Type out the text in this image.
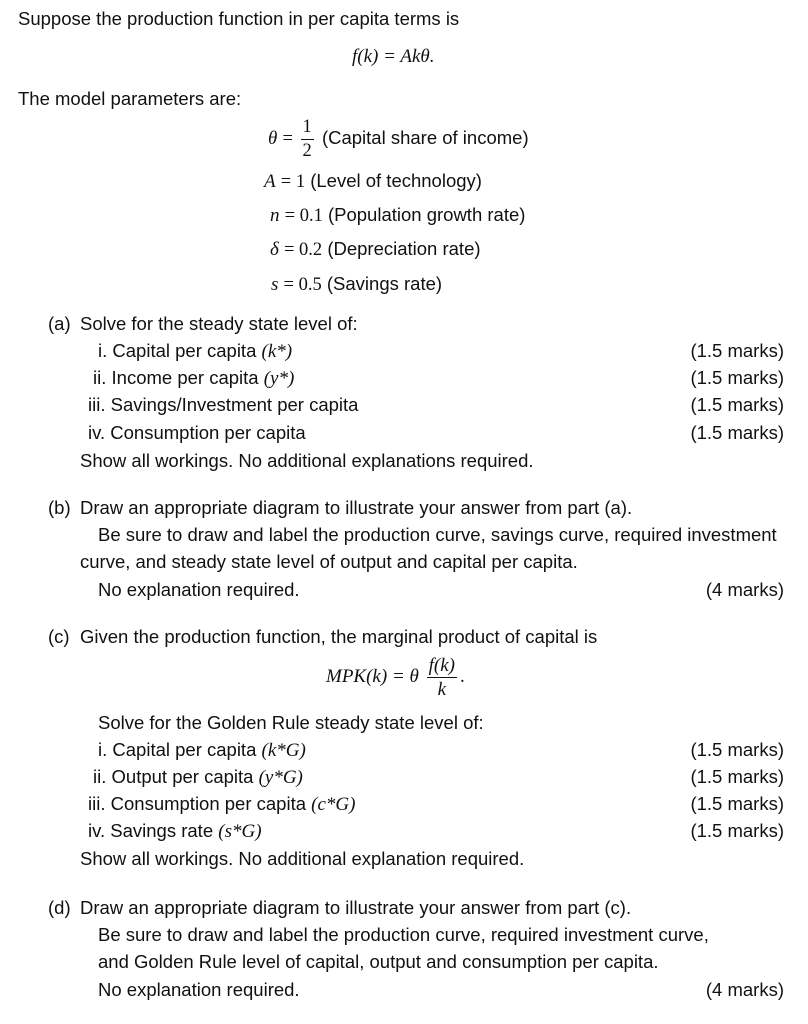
Suppose the production function in per capita terms is
f(k) = Akθ.
The model parameters are:
$\theta = \frac{1}{2}$ (Capital share of income)
A = 1 (Level of technology)
n = 0.1 (Population growth rate)
δ = 0.2 (Depreciation rate)
s = 0.5 (Savings rate)
(a) Solve for the steady state level of:
i. Capital per capita (k*)	(1.5 marks)
ii. Income per capita (y*)	(1.5 marks)
iii. Savings/Investment per capita	(1.5 marks)
iv. Consumption per capita	(1.5 marks)
Show all workings. No additional explanations required.
(b) Draw an appropriate diagram to illustrate your answer from part (a).
Be sure to draw and label the production curve, savings curve, required investment
curve, and steady state level of output and capital per capita.
No explanation required.	(4 marks)
(c) Given the production function, the marginal product of capital is
MPK(k) = θ $\frac{f(k)}{k}$ .
Solve for the Golden Rule steady state level of:
i. Capital per capita (k*G)	(1.5 marks)
ii. Output per capita (y*G)	(1.5 marks)
iii. Consumption per capita (c*G)	(1.5 marks)
iv. Savings rate (s*G)	(1.5 marks)
Show all workings. No additional explanation required.
(d) Draw an appropriate diagram to illustrate your answer from part (c).
Be sure to draw and label the production curve, required investment curve,
and Golden Rule level of capital, output and consumption per capita.
No explanation required.	(4 marks)
